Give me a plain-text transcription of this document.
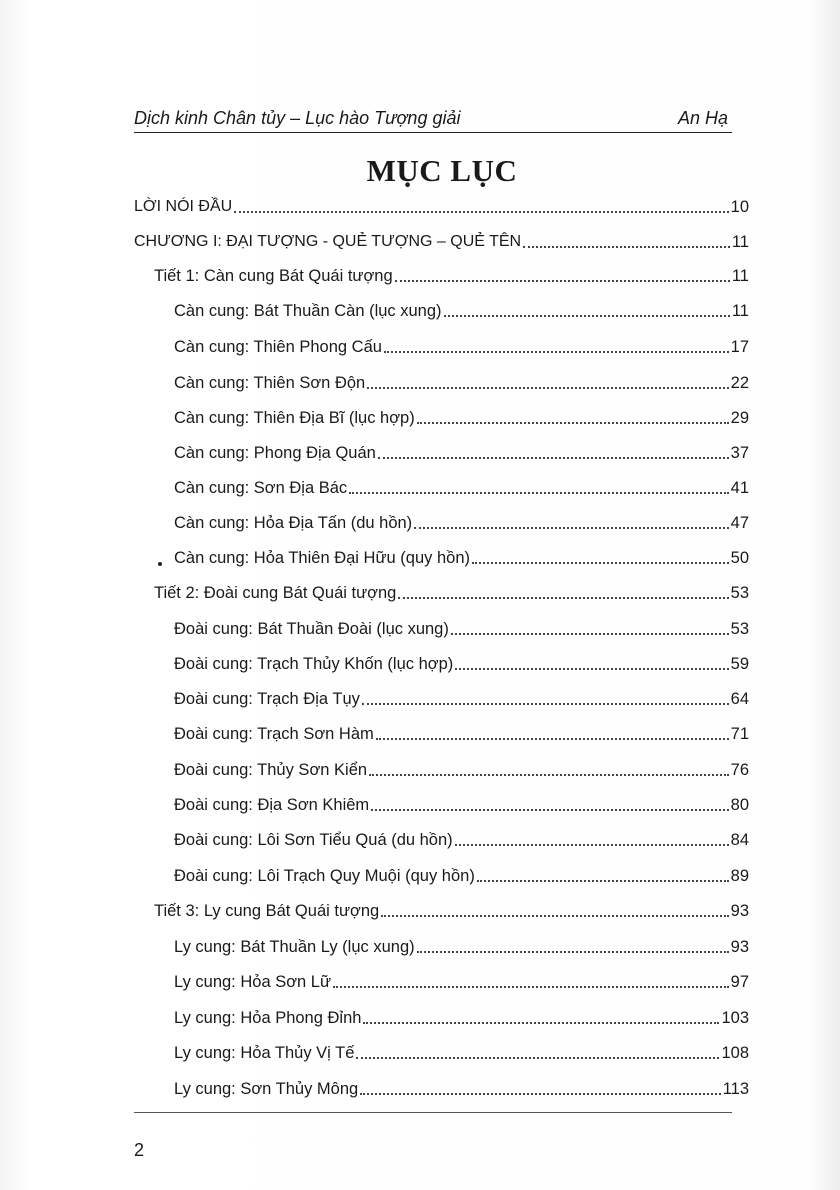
Dịch kinh Chân tủy – Lục hào Tượng giải	An Hạ
MỤC LỤC
LỜI NÓI ĐẦU	10
CHƯƠNG I: ĐẠI TƯỢNG - QUẺ TƯỢNG – QUẺ TÊN	11
Tiết 1: Càn cung Bát Quái tượng	11
Càn cung: Bát Thuần Càn (lục xung)	11
Càn cung: Thiên Phong Cấu	17
Càn cung: Thiên Sơn Độn	22
Càn cung: Thiên Địa Bĩ (lục hợp)	29
Càn cung: Phong Địa Quán	37
Càn cung: Sơn Địa Bác	41
Càn cung: Hỏa Địa Tấn (du hồn)	47
Càn cung: Hỏa Thiên Đại Hữu (quy hồn)	50
Tiết 2: Đoài cung Bát Quái tượng	53
Đoài cung: Bát Thuần Đoài (lục xung)	53
Đoài cung: Trạch Thủy Khốn (lục hợp)	59
Đoài cung: Trạch Địa Tụy	64
Đoài cung: Trạch Sơn Hàm	71
Đoài cung: Thủy Sơn Kiển	76
Đoài cung: Địa Sơn Khiêm	80
Đoài cung: Lôi Sơn Tiểu Quá (du hồn)	84
Đoài cung: Lôi Trạch Quy Muội (quy hồn)	89
Tiết 3: Ly cung Bát Quái tượng	93
Ly cung: Bát Thuần Ly (lục xung)	93
Ly cung: Hỏa Sơn Lữ	97
Ly cung: Hỏa Phong Đỉnh	103
Ly cung: Hỏa Thủy Vị Tế	108
Ly cung: Sơn Thủy Mông	113
2
